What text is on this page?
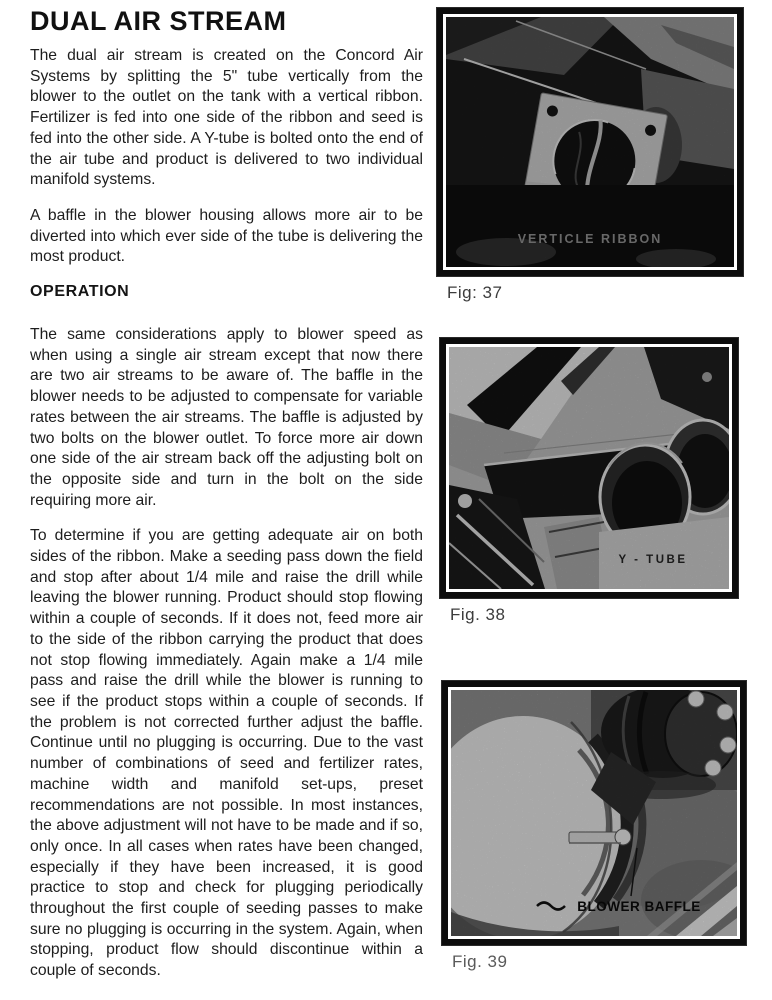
DUAL AIR STREAM

The dual air stream is created on the Concord Air Systems by splitting the 5" tube vertically from the blower to the outlet on the tank with a vertical ribbon. Fertilizer is fed into one side of the ribbon and seed is fed into the other side. A Y-tube is bolted onto the end of the air tube and product is delivered to two individual manifold systems.

A baffle in the blower housing allows more air to be diverted into which ever side of the tube is delivering the most product.

OPERATION

The same considerations apply to blower speed as when using a single air stream except that now there are two air streams to be aware of. The baffle in the blower needs to be adjusted to compensate for variable rates between the air streams. The baffle is adjusted by two bolts on the blower outlet. To force more air down one side of the air stream back off the adjusting bolt on the opposite side and turn in the bolt on the side requiring more air.

To determine if you are getting adequate air on both sides of the ribbon. Make a seeding pass down the field and stop after about 1/4 mile and raise the drill while leaving the blower running. Product should stop flowing within a couple of seconds. If it does not, feed more air to the side of the ribbon carrying the product that does not stop flowing immediately. Again make a 1/4 mile pass and raise the drill while the blower is running to see if the product stops within a couple of seconds. If the problem is not corrected further adjust the baffle. Continue until no plugging is occurring. Due to the vast number of combinations of seed and fertilizer rates, machine width and manifold set-ups, preset recommendations are not possible. In most instances, the above adjustment will not have to be made and if so, only once. In all cases when rates have been changed, especially if they have been increased, it is good practice to stop and check for plugging periodically throughout the first couple of seeding passes to make sure no plugging is occurring in the system. Again, when stopping, product flow should discontinue within a couple of seconds.

VERTICLE RIBBON
Fig: 37
Y - TUBE
Fig. 38
BLOWER BAFFLE
Fig. 39
